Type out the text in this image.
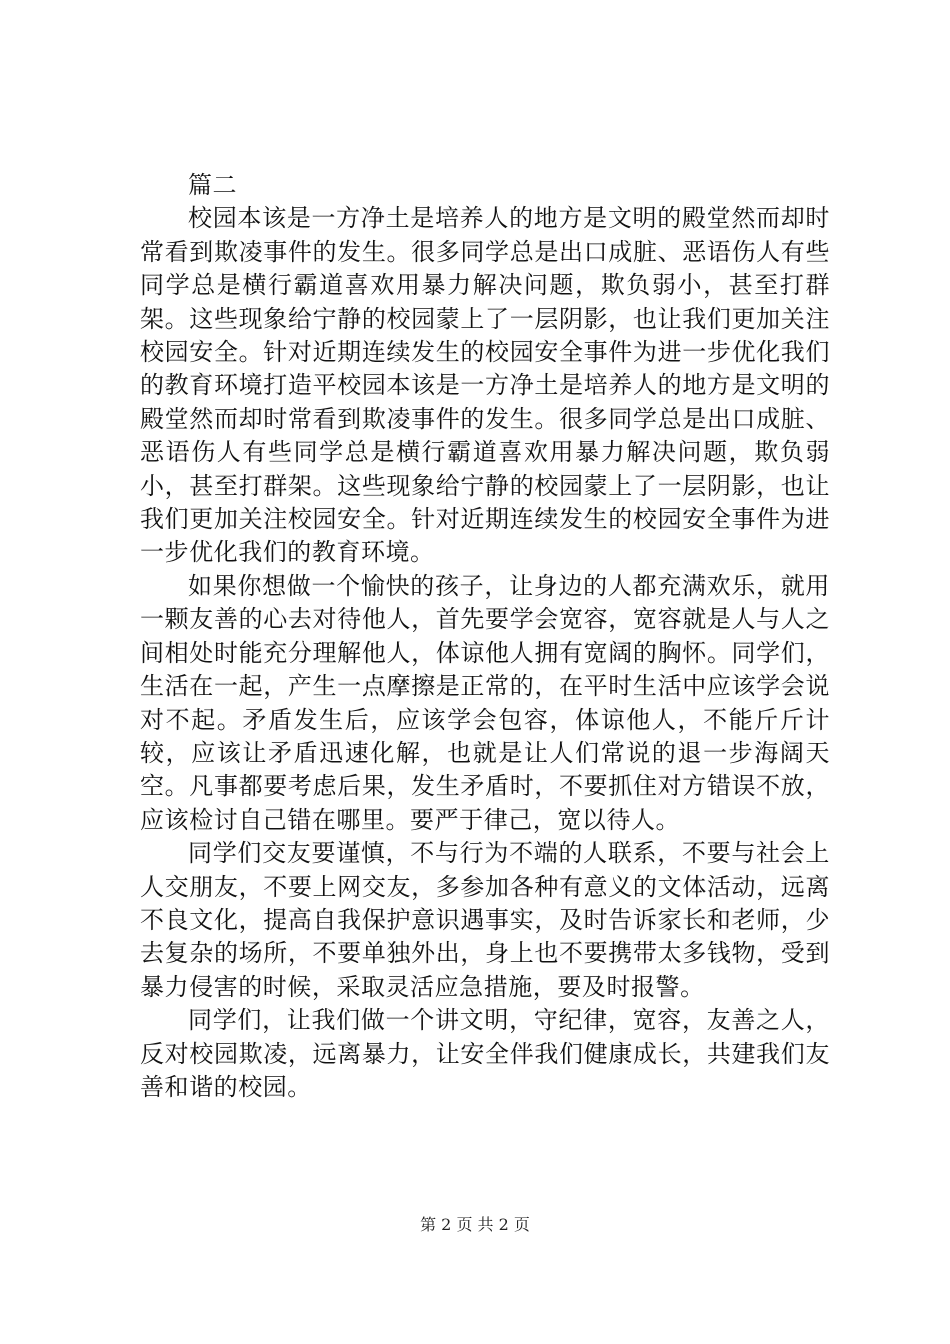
篇二

校园本该是一方净土是培养人的地方是文明的殿堂然而却时常看到欺凌事件的发生。很多同学总是出口成脏、恶语伤人有些同学总是横行霸道喜欢用暴力解决问题，欺负弱小，甚至打群架。这些现象给宁静的校园蒙上了一层阴影，也让我们更加关注校园安全。针对近期连续发生的校园安全事件为进一步优化我们的教育环境打造平校园本该是一方净土是培养人的地方是文明的殿堂然而却时常看到欺凌事件的发生。很多同学总是出口成脏、恶语伤人有些同学总是横行霸道喜欢用暴力解决问题，欺负弱小，甚至打群架。这些现象给宁静的校园蒙上了一层阴影，也让我们更加关注校园安全。针对近期连续发生的校园安全事件为进一步优化我们的教育环境。

如果你想做一个愉快的孩子，让身边的人都充满欢乐，就用一颗友善的心去对待他人，首先要学会宽容，宽容就是人与人之间相处时能充分理解他人，体谅他人拥有宽阔的胸怀。同学们，生活在一起，产生一点摩擦是正常的，在平时生活中应该学会说对不起。矛盾发生后，应该学会包容，体谅他人，不能斤斤计较，应该让矛盾迅速化解，也就是让人们常说的退一步海阔天空。凡事都要考虑后果，发生矛盾时，不要抓住对方错误不放，应该检讨自己错在哪里。要严于律己，宽以待人。

同学们交友要谨慎，不与行为不端的人联系，不要与社会上人交朋友，不要上网交友，多参加各种有意义的文体活动，远离不良文化，提高自我保护意识遇事实，及时告诉家长和老师，少去复杂的场所，不要单独外出，身上也不要携带太多钱物，受到暴力侵害的时候，采取灵活应急措施，要及时报警。

同学们，让我们做一个讲文明，守纪律，宽容，友善之人，反对校园欺凌，远离暴力，让安全伴我们健康成长，共建我们友善和谐的校园。

第 2 页 共 2 页
